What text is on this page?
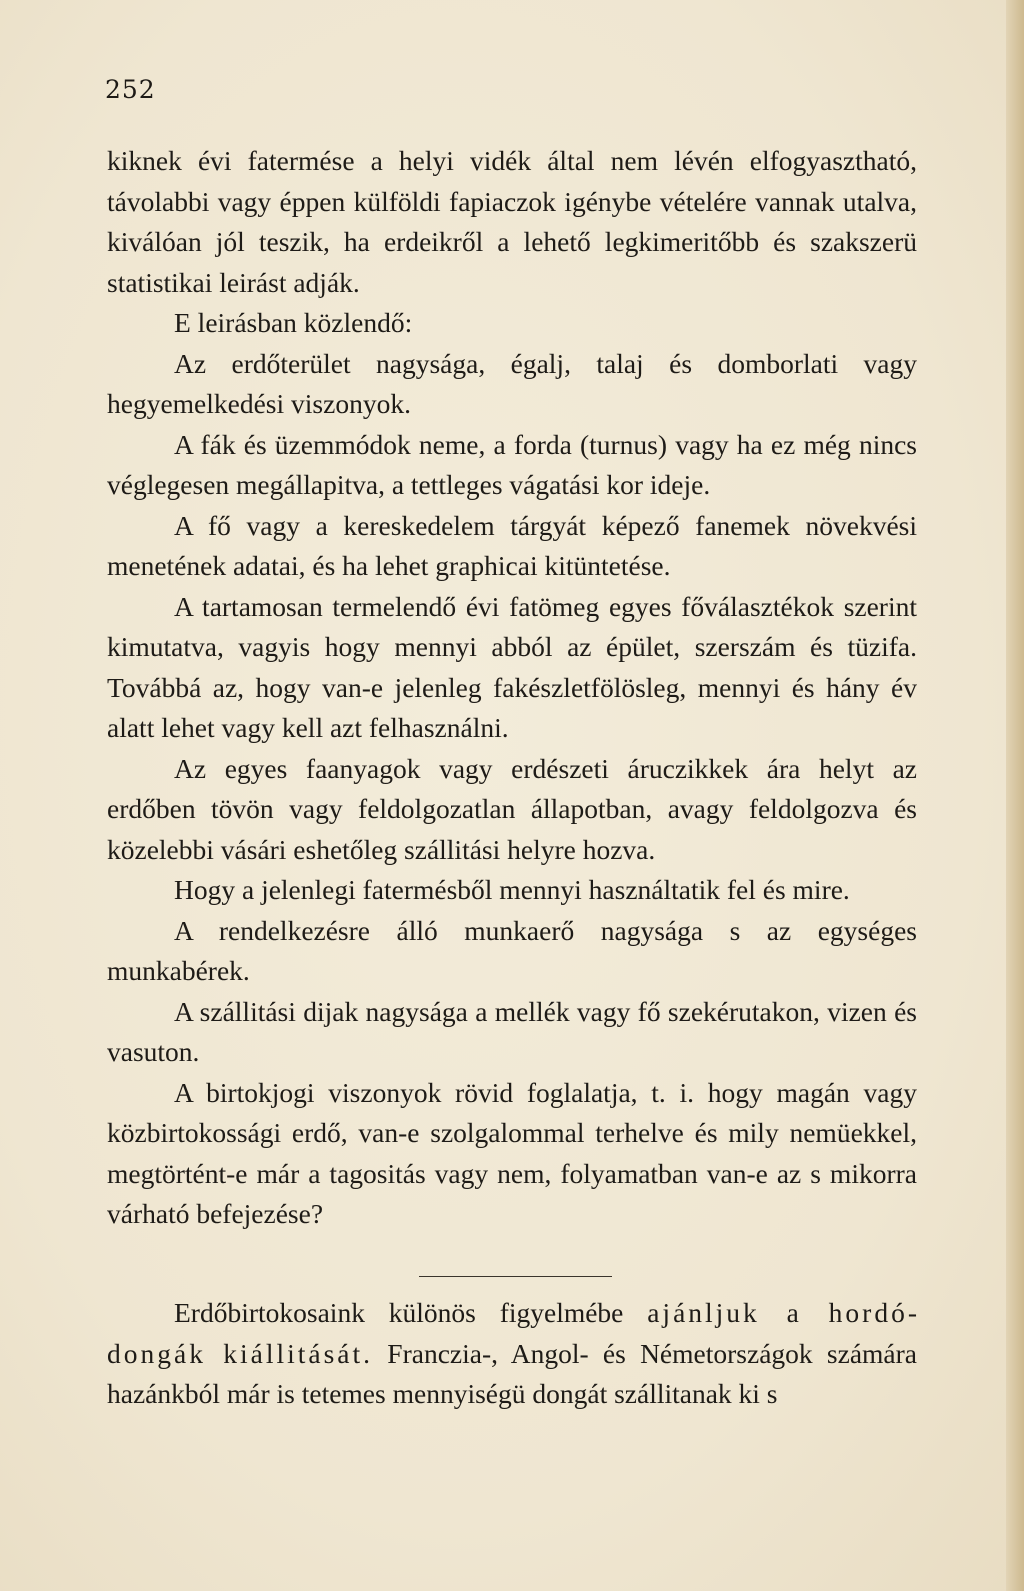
252

kiknek évi fatermése a helyi vidék által nem lévén elfogyasztható, távolabbi vagy éppen külföldi fapiaczok igénybe vételére vannak utalva, kiválóan jól teszik, ha erdeikről a lehető legkimeritőbb és szakszerü statistikai leirást adják.

E leirásban közlendő:

Az erdőterület nagysága, égalj, talaj és domborlati vagy hegyemelkedési viszonyok.

A fák és üzemmódok neme, a forda (turnus) vagy ha ez még nincs véglegesen megállapitva, a tettleges vágatási kor ideje.

A fő vagy a kereskedelem tárgyát képező fanemek növekvési menetének adatai, és ha lehet graphicai kitüntetése.

A tartamosan termelendő évi fatömeg egyes főválasztékok szerint kimutatva, vagyis hogy mennyi abból az épület, szerszám és tüzifa. Továbbá az, hogy van-e jelenleg fakészletfölösleg, mennyi és hány év alatt lehet vagy kell azt felhasználni.

Az egyes faanyagok vagy erdészeti áruczikkek ára helyt az erdőben tövön vagy feldolgozatlan állapotban, avagy feldolgozva és közelebbi vásári eshetőleg szállitási helyre hozva.

Hogy a jelenlegi fatermésből mennyi használtatik fel és mire.

A rendelkezésre álló munkaerő nagysága s az egységes munkabérek.

A szállitási dijak nagysága a mellék vagy fő szekérutakon, vizen és vasuton.

A birtokjogi viszonyok rövid foglalatja, t. i. hogy magán vagy közbirtokossági erdő, van-e szolgalommal terhelve és mily nemüekkel, megtörtént-e már a tagositás vagy nem, folyamatban van-e az s mikorra várható befejezése?

Erdőbirtokosaink különös figyelmébe ajánljuk a hordódongák kiállitását. Franczia-, Angol- és Németországok számára hazánkból már is tetemes mennyiségü dongát szállitanak ki s
